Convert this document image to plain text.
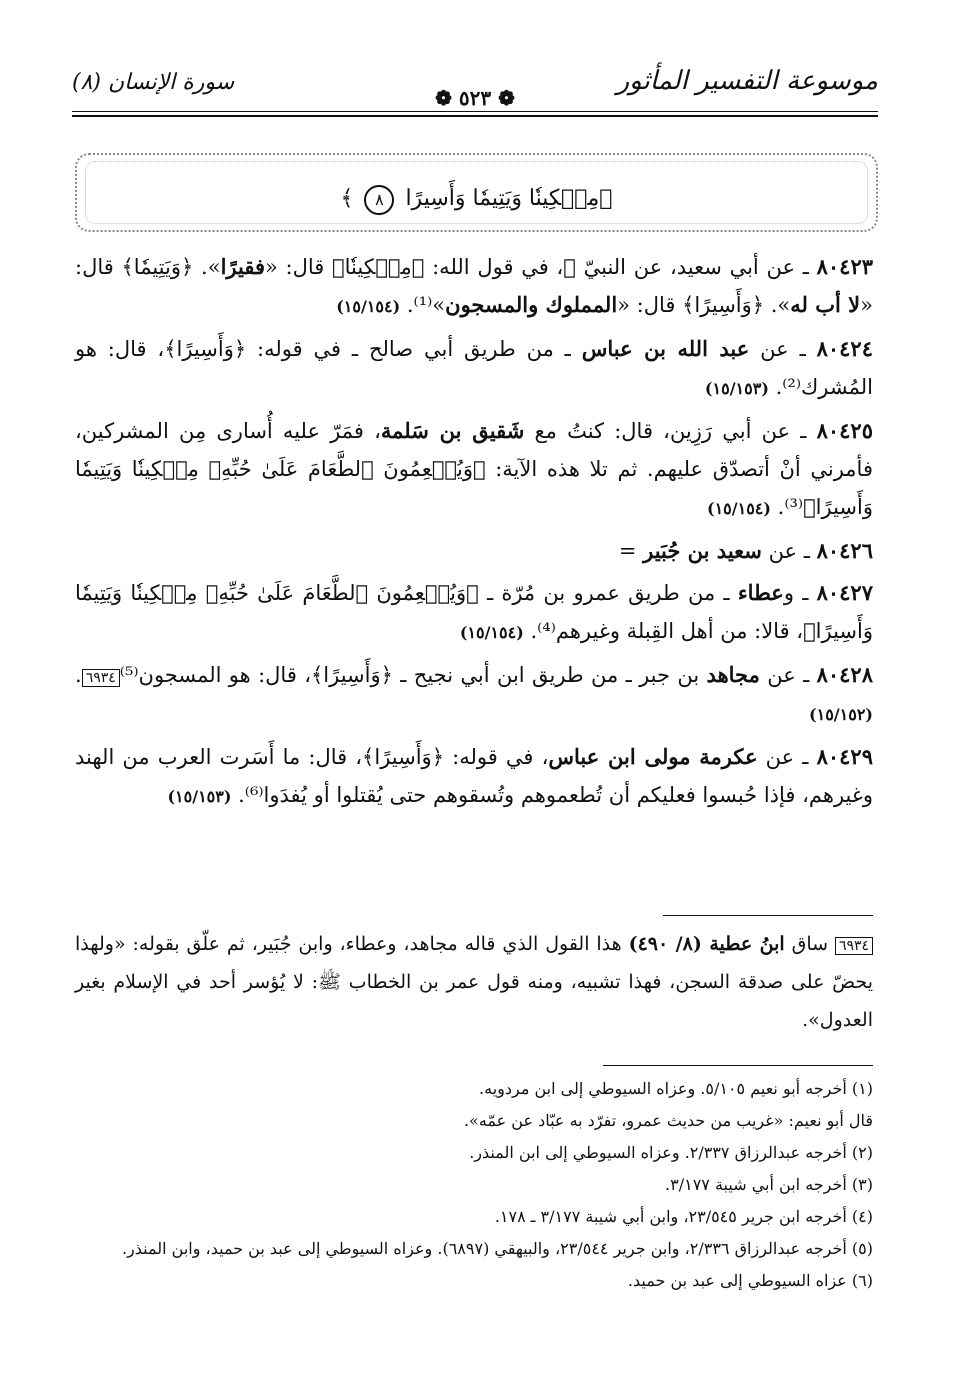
موسوعة التفسير المأثور
سورة الإنسان (٨)
❁ ٥٢٣ ❁
﴿مِسۡكِينٗا وَيَتِيمٗا وَأَسِيرًا ٨ ﴾

٨٠٤٢٣ ـ عن أبي سعيد، عن النبيّ ﷺ، في قول الله: ﴿مِسۡكِينٗا﴾ قال: «فقيرًا». ﴿وَيَتِيمٗا﴾ قال: «لا أب له». ﴿وَأَسِيرًا﴾ قال: «المملوك والمسجون»⁽¹⁾. (١٥/١٥٤)

٨٠٤٢٤ ـ عن عبد الله بن عباس ـ من طريق أبي صالح ـ في قوله: ﴿وَأَسِيرًا﴾، قال: هو المُشرك⁽²⁾. (١٥/١٥٣)

٨٠٤٢٥ ـ عن أبي رَزِين، قال: كنتُ مع شَقيق بن سَلمة، فمَرّ عليه أُسارى مِن المشركين، فأمرني أنْ أتصدّق عليهم. ثم تلا هذه الآية: ﴿وَيُطۡعِمُونَ ٱلطَّعَامَ عَلَىٰ حُبِّهِۦ مِسۡكِينٗا وَيَتِيمٗا وَأَسِيرًا﴾⁽³⁾. (١٥/١٥٤)

٨٠٤٢٦ ـ عن سعيد بن جُبَير =

٨٠٤٢٧ ـ وعطاء ـ من طريق عمرو بن مُرّة ـ ﴿وَيُطۡعِمُونَ ٱلطَّعَامَ عَلَىٰ حُبِّهِۦ مِسۡكِينٗا وَيَتِيمٗا وَأَسِيرًا﴾، قالا: من أهل القِبلة وغيرهم⁽⁴⁾. (١٥/١٥٤)

٨٠٤٢٨ ـ عن مجاهد بن جبر ـ من طريق ابن أبي نجيح ـ ﴿وَأَسِيرًا﴾، قال: هو المسجون⁽⁵⁾٦٩٣٤. (١٥/١٥٢)

٨٠٤٢٩ ـ عن عكرمة مولى ابن عباس، في قوله: ﴿وَأَسِيرًا﴾، قال: ما أَسَرت العرب من الهند وغيرهم، فإذا حُبسوا فعليكم أن تُطعموهم وتُسقوهم حتى يُقتلوا أو يُفدَوا⁽⁶⁾. (١٥/١٥٣)

٦٩٣٤ ساق ابنُ عطية (٨/ ٤٩٠) هذا القول الذي قاله مجاهد، وعطاء، وابن جُبَير، ثم علّق بقوله: «ولهذا يحضّ على صدقة السجن، فهذا تشبيه، ومنه قول عمر بن الخطاب ﷺ: لا يُؤسر أحد في الإسلام بغير العدول».

(١) أخرجه أبو نعيم ٥/١٠٥. وعزاه السيوطي إلى ابن مردويه.

قال أبو نعيم: «غريب من حديث عمرو، تفرّد به عبّاد عن عمّه».

(٢) أخرجه عبدالرزاق ٢/٣٣٧. وعزاه السيوطي إلى ابن المنذر.

(٣) أخرجه ابن أبي شيبة ٣/١٧٧.

(٤) أخرجه ابن جرير ٢٣/٥٤٥، وابن أبي شيبة ٣/١٧٧ ـ ١٧٨.

(٥) أخرجه عبدالرزاق ٢/٣٣٦، وابن جرير ٢٣/٥٤٤، والبيهقي (٦٨٩٧). وعزاه السيوطي إلى عبد بن حميد، وابن المنذر.

(٦) عزاه السيوطي إلى عبد بن حميد.
